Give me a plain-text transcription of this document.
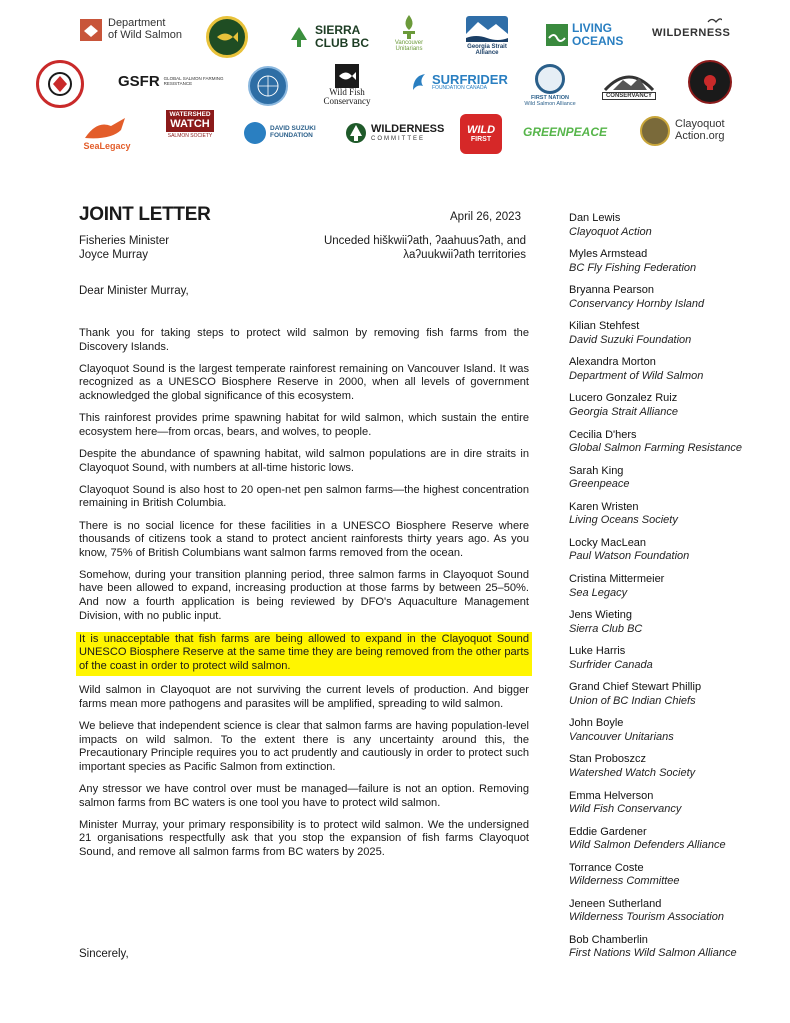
Department
of Wild Salmon	SIERRA
CLUB BC	Vancouver Unitarians	Georgia Strait Alliance
LIVING
OCEANS
WILDERNESS
GSFR GLOBAL SALMON FARMING RESISTANCE
Wild Fish
Conservancy
SURFRIDER
FOUNDATION CANADA
FIRST NATION
Wild Salmon Alliance
CONSERVANCY
SeaLegacy
WATERSHED
WATCH
SALMON SOCIETY
DAVID SUZUKI
FOUNDATION
WILDERNESS
COMMITTEE
WILD
FIRST
GREENPEACE
Clayoquot
Action.org
JOINT LETTER	April 26, 2023
Fisheries Minister
Joyce Murray
Unceded hiškwiiʔath, ʔaahuusʔath, and
λaʔuukwiiʔath territories
Dear Minister Murray,

Thank you for taking steps to protect wild salmon by removing fish farms from the Discovery Islands.

Clayoquot Sound is the largest temperate rainforest remaining on Vancouver Island. It was recognized as a UNESCO Biosphere Reserve in 2000, when all levels of government acknowledged the global significance of this ecosystem.

This rainforest provides prime spawning habitat for wild salmon, which sustain the entire ecosystem here—from orcas, bears, and wolves, to people.

Despite the abundance of spawning habitat, wild salmon populations are in dire straits in Clayoquot Sound, with numbers at all-time historic lows.

Clayoquot Sound is also host to 20 open-net pen salmon farms—the highest concentration remaining in British Columbia.

There is no social licence for these facilities in a UNESCO Biosphere Reserve where thousands of citizens took a stand to protect ancient rainforests thirty years ago. As you know, 75% of British Columbians want salmon farms removed from the ocean.

Somehow, during your transition planning period, three salmon farms in Clayoquot Sound have been allowed to expand, increasing production at those farms by between 25–50%. And now a fourth application is being reviewed by DFO's Aquaculture Management Division, with no public input.

It is unacceptable that fish farms are being allowed to expand in the Clayoquot Sound UNESCO Biosphere Reserve at the same time they are being removed from the other parts of the coast in order to protect wild salmon.

Wild salmon in Clayoquot are not surviving the current levels of production. And bigger farms mean more pathogens and parasites will be amplified, spreading to wild salmon.

We believe that independent science is clear that salmon farms are having population-level impacts on wild salmon. To the extent there is any uncertainty around this, the Precautionary Principle requires you to act prudently and cautiously in order to protect such important species as Pacific Salmon from extinction.

Any stressor we have control over must be managed—failure is not an option. Removing salmon farms from BC waters is one tool you have to protect wild salmon.

Minister Murray, your primary responsibility is to protect wild salmon. We the undersigned 21 organisations respectfully ask that you stop the expansion of fish farms Clayoquot Sound, and remove all salmon farms from BC waters by 2025.

Sincerely,
Dan Lewis
Clayoquot Action
Myles Armstead
BC Fly Fishing Federation
Bryanna Pearson
Conservancy Hornby Island
Kilian Stehfest
David Suzuki Foundation
Alexandra Morton
Department of Wild Salmon
Lucero Gonzalez Ruiz
Georgia Strait Alliance
Cecilia D'hers
Global Salmon Farming Resistance
Sarah King
Greenpeace
Karen Wristen
Living Oceans Society
Locky MacLean
Paul Watson Foundation
Cristina Mittermeier
Sea Legacy
Jens Wieting
Sierra Club BC
Luke Harris
Surfrider Canada
Grand Chief Stewart Phillip
Union of BC Indian Chiefs
John Boyle
Vancouver Unitarians
Stan Proboszcz
Watershed Watch Society
Emma Helverson
Wild Fish Conservancy
Eddie Gardener
Wild Salmon Defenders Alliance
Torrance Coste
Wilderness Committee
Jeneen Sutherland
Wilderness Tourism Association
Bob Chamberlin
First Nations Wild Salmon Alliance
